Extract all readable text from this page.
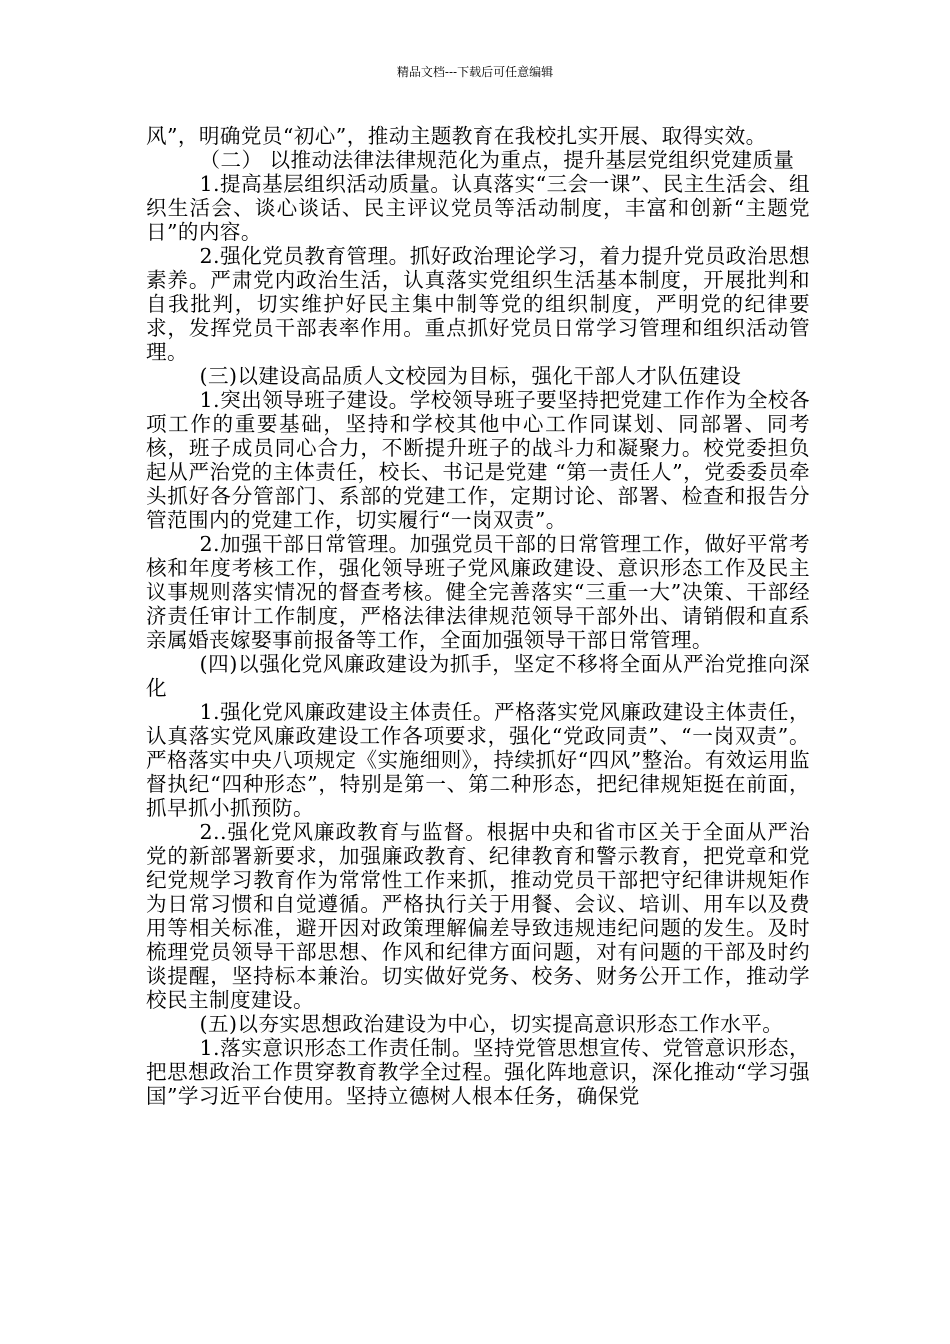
精品文档---下载后可任意编辑

风”，明确党员“初心”，推动主题教育在我校扎实开展、取得实效。

（二） 以推动法律法律规范化为重点，提升基层党组织党建质量

1.提高基层组织活动质量。认真落实“三会一课”、民主生活会、组织生活会、谈心谈话、民主评议党员等活动制度，丰富和创新“主题党日”的内容。

2.强化党员教育管理。抓好政治理论学习，着力提升党员政治思想素养。严肃党内政治生活，认真落实党组织生活基本制度，开展批判和自我批判，切实维护好民主集中制等党的组织制度，严明党的纪律要求，发挥党员干部表率作用。重点抓好党员日常学习管理和组织活动管理。

(三)以建设高品质人文校园为目标，强化干部人才队伍建设

1.突出领导班子建设。学校领导班子要坚持把党建工作作为全校各项工作的重要基础，坚持和学校其他中心工作同谋划、同部署、同考核，班子成员同心合力，不断提升班子的战斗力和凝聚力。校党委担负起从严治党的主体责任，校长、书记是党建 “第一责任人”，党委委员牵头抓好各分管部门、系部的党建工作，定期讨论、部署、检查和报告分管范围内的党建工作，切实履行“一岗双责”。

2.加强干部日常管理。加强党员干部的日常管理工作，做好平常考核和年度考核工作，强化领导班子党风廉政建设、意识形态工作及民主议事规则落实情况的督查考核。健全完善落实“三重一大”决策、干部经济责任审计工作制度，严格法律法律规范领导干部外出、请销假和直系亲属婚丧嫁娶事前报备等工作，全面加强领导干部日常管理。

(四)以强化党风廉政建设为抓手，坚定不移将全面从严治党推向深化

1.强化党风廉政建设主体责任。严格落实党风廉政建设主体责任，认真落实党风廉政建设工作各项要求，强化“党政同责”、“一岗双责”。严格落实中央八项规定《实施细则》，持续抓好“四风”整治。有效运用监督执纪“四种形态”，特别是第一、第二种形态，把纪律规矩挺在前面，抓早抓小抓预防。

2..强化党风廉政教育与监督。根据中央和省市区关于全面从严治党的新部署新要求，加强廉政教育、纪律教育和警示教育，把党章和党纪党规学习教育作为常常性工作来抓，推动党员干部把守纪律讲规矩作为日常习惯和自觉遵循。严格执行关于用餐、会议、培训、用车以及费用等相关标准，避开因对政策理解偏差导致违规违纪问题的发生。及时梳理党员领导干部思想、作风和纪律方面问题，对有问题的干部及时约谈提醒，坚持标本兼治。切实做好党务、校务、财务公开工作，推动学校民主制度建设。

(五)以夯实思想政治建设为中心，切实提高意识形态工作水平。

1.落实意识形态工作责任制。坚持党管思想宣传、党管意识形态，把思想政治工作贯穿教育教学全过程。强化阵地意识，深化推动“学习强国”学习近平台使用。坚持立德树人根本任务，确保党
